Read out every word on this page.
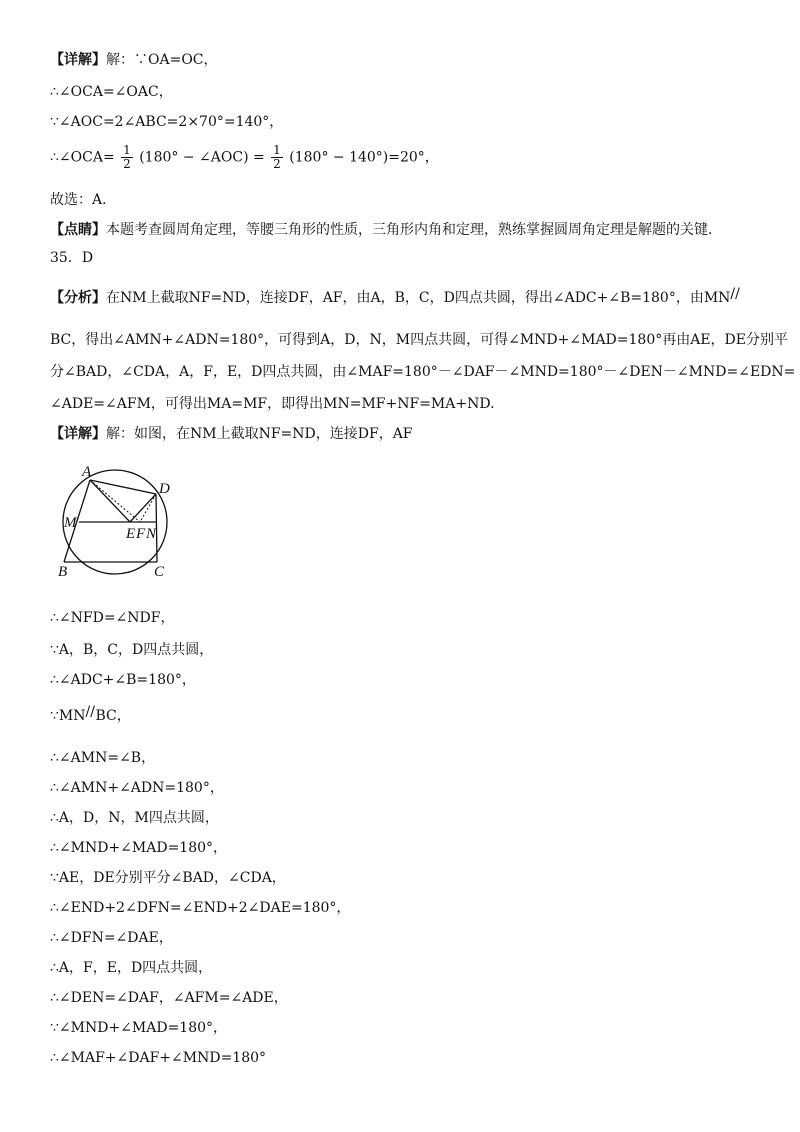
【详解】解：∵OA=OC，
∴∠OCA=∠OAC，
∵∠AOC=2∠ABC=2×70°=140°，
∴∠OCA= $\frac{1}{2} (180^\circ$ − ∠AOC) = $\frac{1}{2} (180^\circ - 140^\circ)=20^\circ$，
故选：A．
【点睛】本题考查圆周角定理，等腰三角形的性质，三角形内角和定理，熟练掌握圆周角定理是解题的关键．
35．D
【分析】在NM上截取NF=ND，连接DF，AF，由A，B，C，D四点共圆，得出∠ADC+∠B=180°，由MN //
BC，得出∠AMN+∠ADN=180°，可得到A，D，N，M四点共圆，可得∠MND+∠MAD=180°再由AE，DE分别平
分∠BAD，∠CDA，A，F，E，D四点共圆，由∠MAF=180°－∠DAF－∠MND=180°－∠DEN－∠MND=∠EDN=
∠ADE=∠AFM，可得出MA=MF，即得出MN=MF+NF=MA+ND.
【详解】解：如图，在NM上截取NF=ND，连接DF，AF
A
D
M
E F N
B	C
∴∠NFD=∠NDF，
∵A，B，C，D四点共圆，
∴∠ADC+∠B=180°，
∵MN // BC，
∴∠AMN=∠B，
∴∠AMN+∠ADN=180°，
∴A，D，N，M四点共圆，
∴∠MND+∠MAD=180°，
∵AE，DE分别平分∠BAD，∠CDA，
∴∠END+2∠DFN=∠END+2∠DAE=180°，
∴∠DFN=∠DAE，
∴A，F，E，D四点共圆，
∴∠DEN=∠DAF，∠AFM=∠ADE，
∵∠MND+∠MAD=180°，
∴∠MAF+∠DAF+∠MND=180°
